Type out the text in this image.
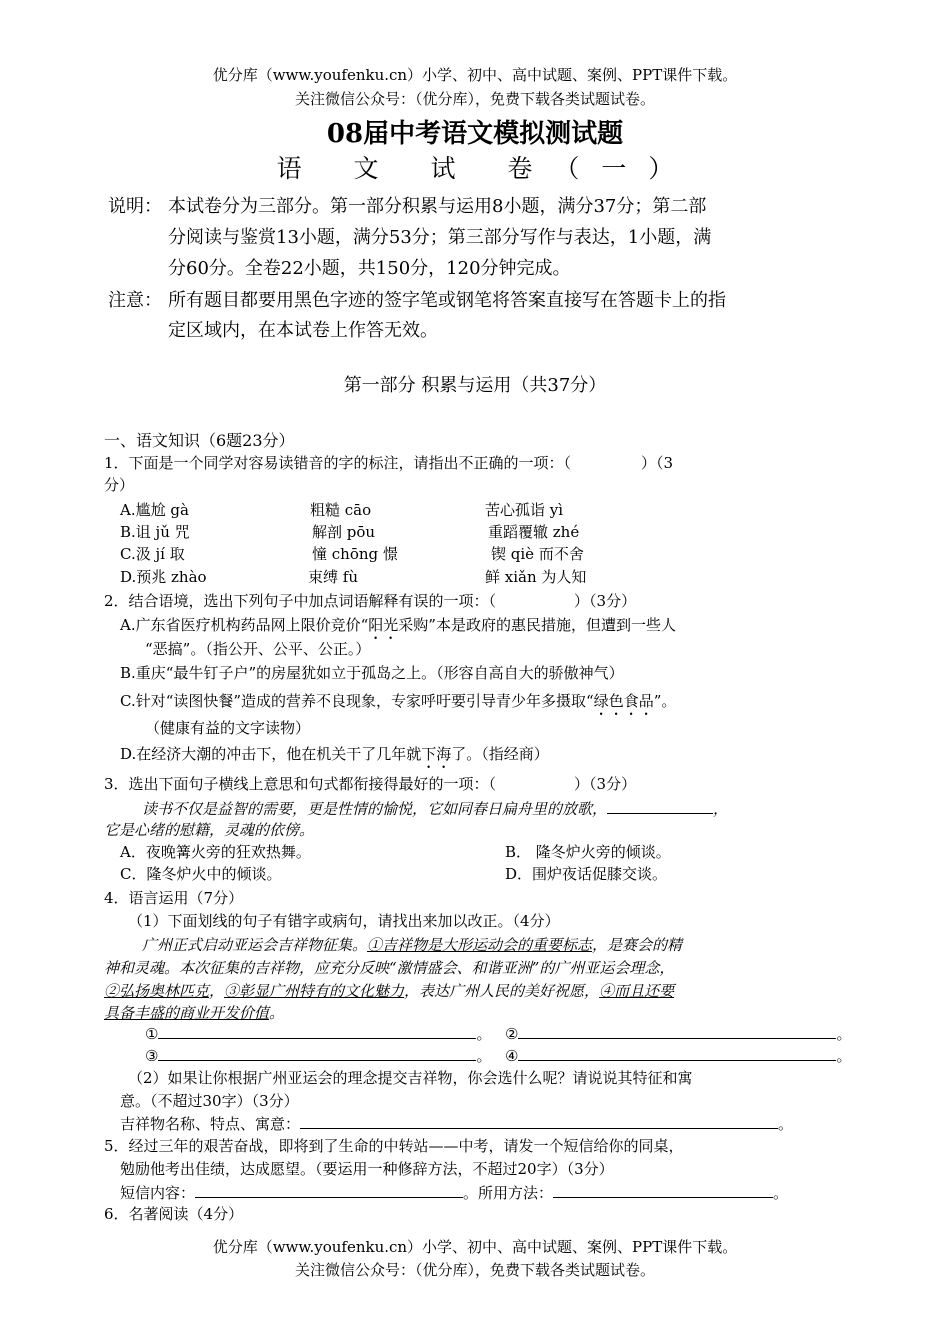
优分库（www.youfenku.cn）小学、初中、高中试题、案例、PPT课件下载。
关注微信公众号：（优分库），免费下载各类试题试卷。
08届中考语文模拟测试题
语 文 试 卷（一）
说明： 本试卷分为三部分。第一部分积累与运用8小题，满分37分；第二部
分阅读与鉴赏13小题，满分53分；第三部分写作与表达，1小题，满
分60分。全卷22小题，共150分，120分钟完成。
注意： 所有题目都要用黑色字迹的签字笔或钢笔将答案直接写在答题卡上的指
定区域内，在本试卷上作答无效。
第一部分 积累与运用（共37分）
一、语文知识（6题23分）
1．下面是一个同学对容易读错音的字的标注，请指出不正确的一项：（	）（3
分）
A.尴尬 gà	粗糙 cāo	苦心孤诣 yì
B.诅 jǔ 咒	解剖 pōu	重蹈覆辙 zhé
C.汲 jí 取	憧 chōng 憬	锲 qiè 而不舍
D.预兆 zhào	束缚 fù	鲜 xiǎn 为人知
2．结合语境，选出下列句子中加点词语解释有误的一项：（	）（3分）
A.广东省医疗机构药品网上限价竞价“阳光采购”本是政府的惠民措施，但遭到一些人
“恶搞”。（指公开、公平、公正。）
B.重庆“最牛钉子户”的房屋犹如立于孤岛之上。（形容自高自大的骄傲神气）
C.针对“读图快餐”造成的营养不良现象，专家呼吁要引导青少年多摄取“绿色食品”。
（健康有益的文字读物）
D.在经济大潮的冲击下，他在机关干了几年就下海了。（指经商）
3．选出下面句子横线上意思和句式都衔接得最好的一项：（	）（3分）
读书不仅是益智的需要，更是性情的愉悦，它如同春日扁舟里的放歌，	，
它是心绪的慰籍，灵魂的依傍。
A．夜晚篝火旁的狂欢热舞。	B． 隆冬炉火旁的倾谈。
C．隆冬炉火中的倾谈。	D．围炉夜话促膝交谈。
4．语言运用（7分）
（1）下面划线的句子有错字或病句，请找出来加以改正。（4分）
广州正式启动亚运会吉祥物征集。①吉祥物是大形运动会的重要标志，是赛会的精
神和灵魂。本次征集的吉祥物，应充分反映“激情盛会、和谐亚洲”的广州亚运会理念，
②弘扬奥林匹克，③彰显广州特有的文化魅力，表达广州人民的美好祝愿，④而且还要
具备丰盛的商业开发价值。
①	。 ②	。
③	。 ④	。
（2）如果让你根据广州亚运会的理念提交吉祥物，你会选什么呢？请说说其特征和寓
意。（不超过30字）（3分）
吉祥物名称、特点、寓意：	。
5．经过三年的艰苦奋战，即将到了生命的中转站——中考，请发一个短信给你的同桌，
勉励他考出佳绩，达成愿望。（要运用一种修辞方法，不超过20字）（3分）
短信内容：	。所用方法：	。
6．名著阅读（4分）
优分库（www.youfenku.cn）小学、初中、高中试题、案例、PPT课件下载。
关注微信公众号：（优分库），免费下载各类试题试卷。
